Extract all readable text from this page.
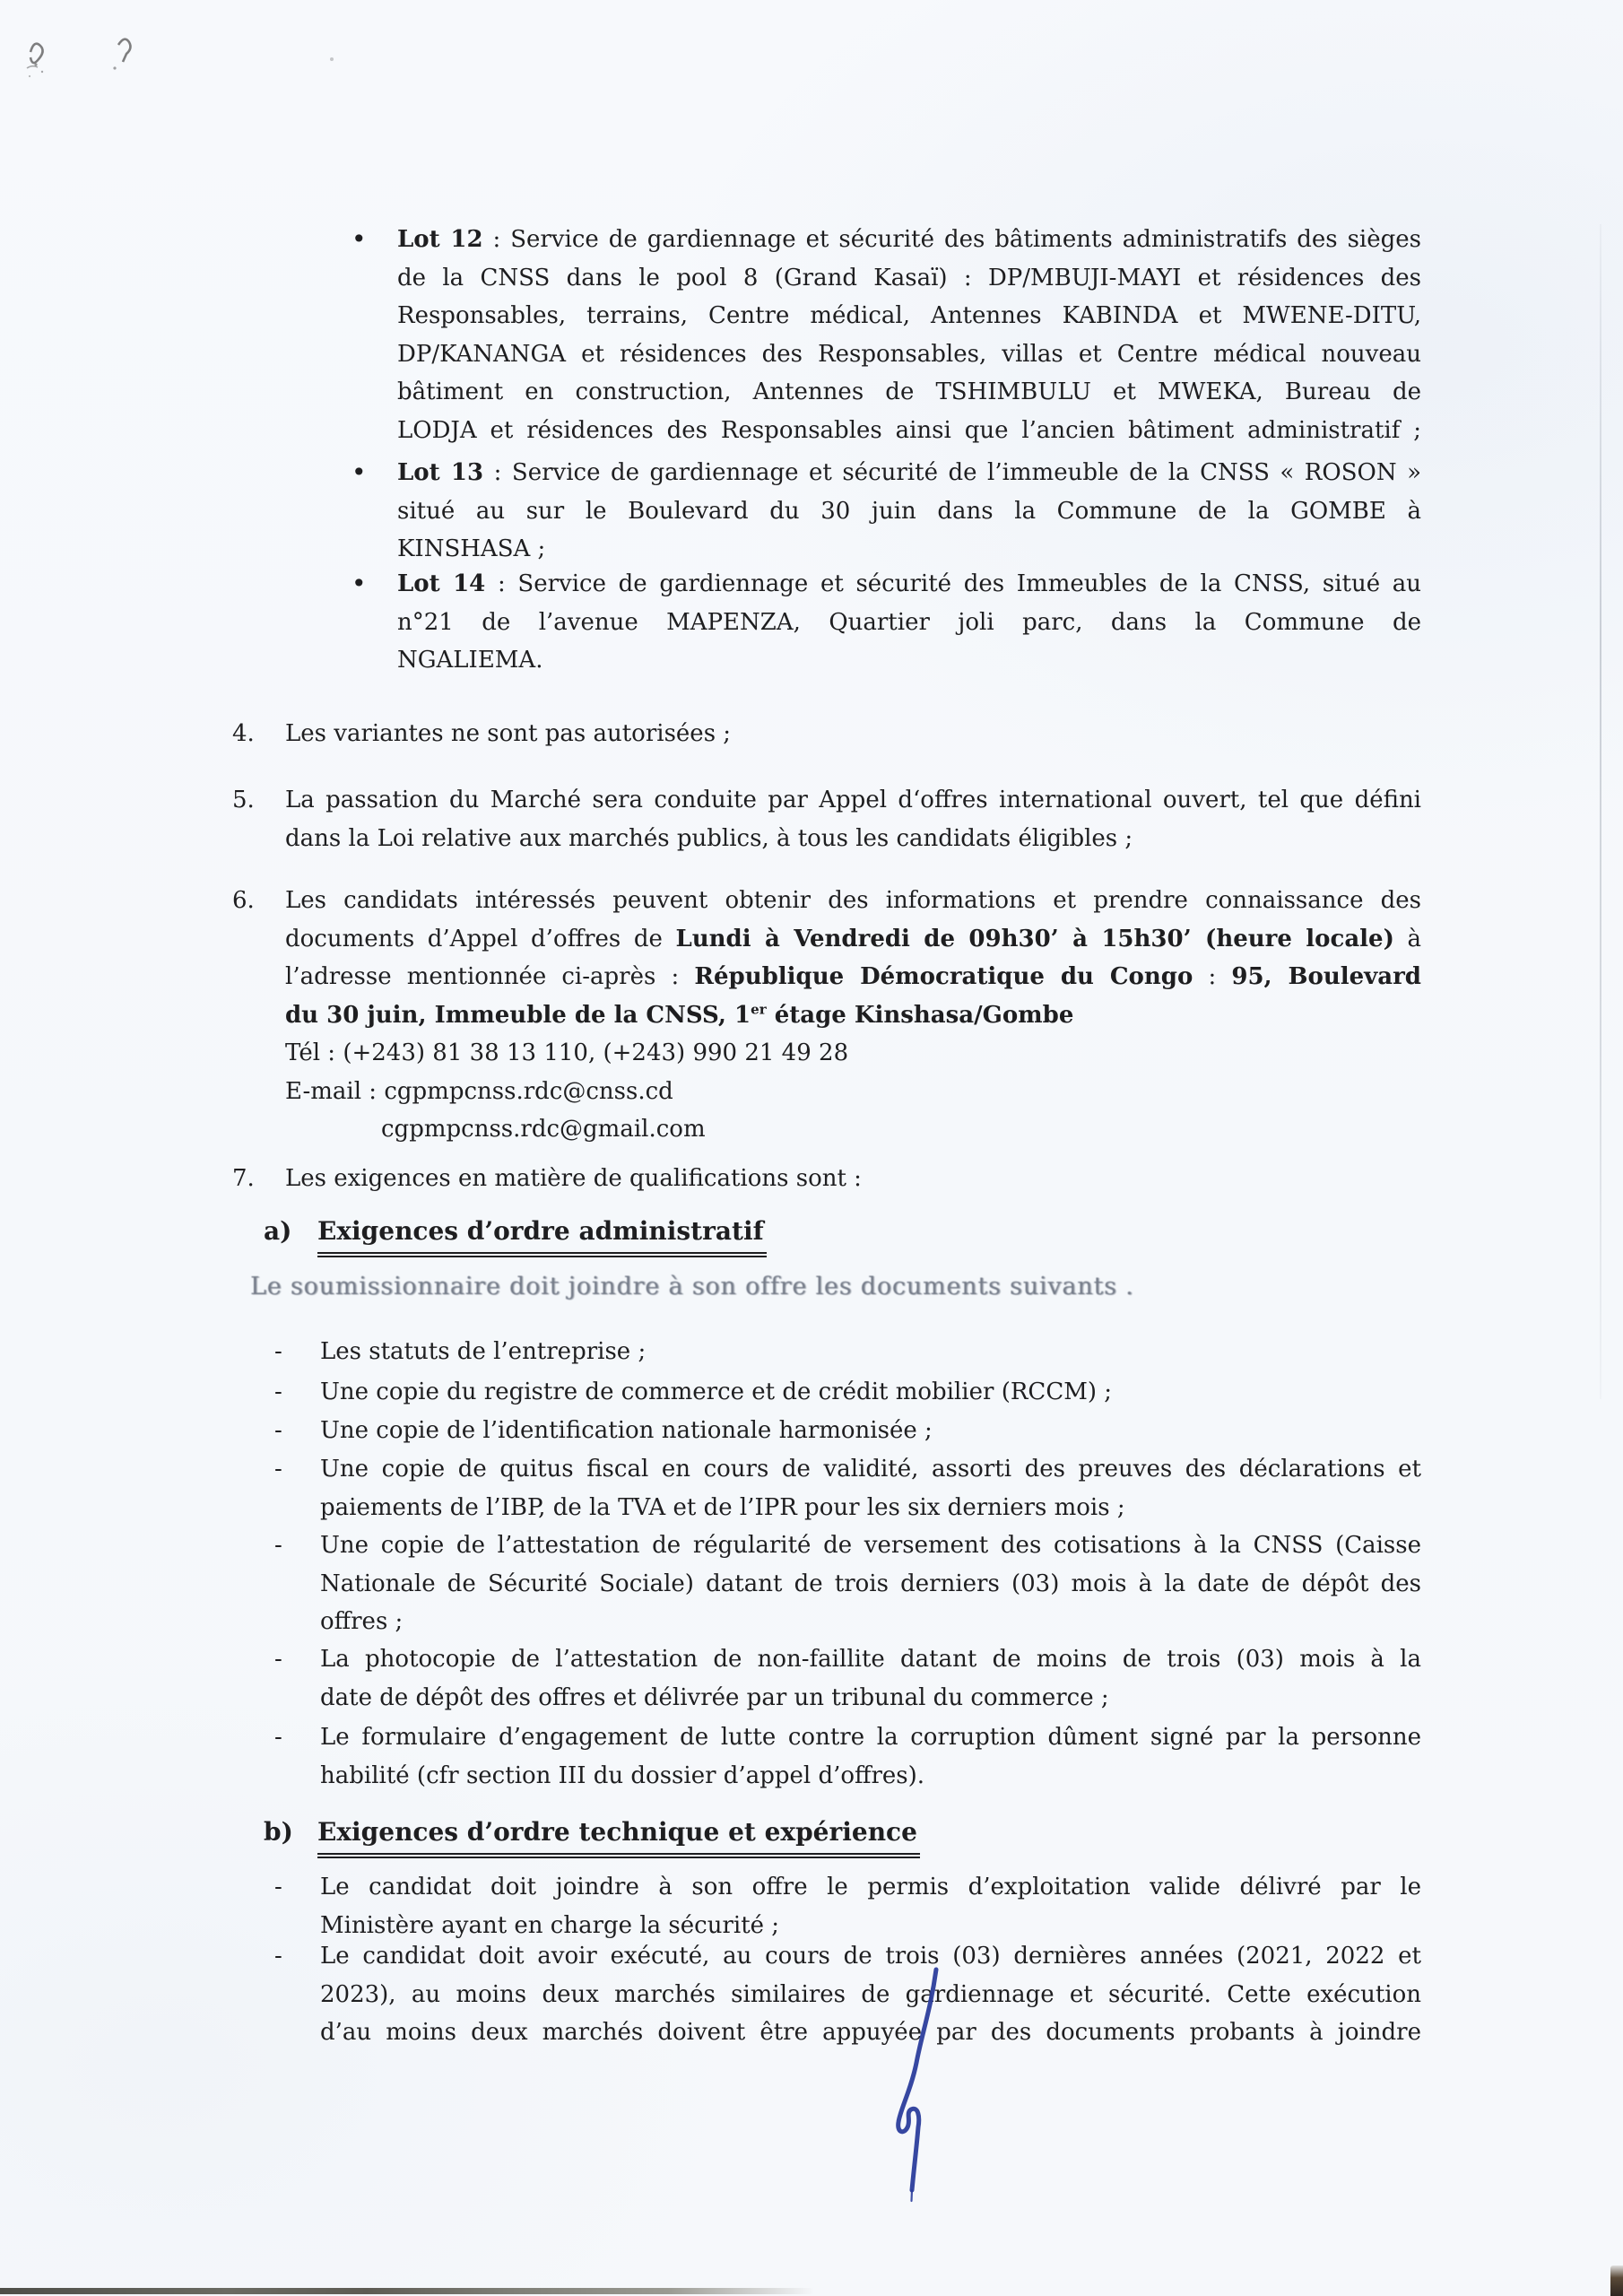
• Lot 12 : Service de gardiennage et sécurité des bâtiments administratifs des sièges
de la CNSS dans le pool 8 (Grand Kasaï) : DP/MBUJI-MAYI et résidences des
Responsables, terrains, Centre médical, Antennes KABINDA et MWENE-DITU,
DP/KANANGA et résidences des Responsables, villas et Centre médical nouveau
bâtiment en construction, Antennes de TSHIMBULU et MWEKA, Bureau de
LODJA et résidences des Responsables ainsi que l’ancien bâtiment administratif ;
• Lot 13 : Service de gardiennage et sécurité de l’immeuble de la CNSS « ROSON »
situé au sur le Boulevard du 30 juin dans la Commune de la GOMBE à
KINSHASA ;
• Lot 14 : Service de gardiennage et sécurité des Immeubles de la CNSS, situé au
n°21 de l’avenue MAPENZA, Quartier joli parc, dans la Commune de
NGALIEMA.
4. Les variantes ne sont pas autorisées ;
5. La passation du Marché sera conduite par Appel d‘offres international ouvert, tel que défini
dans la Loi relative aux marchés publics, à tous les candidats éligibles ;
6. Les candidats intéressés peuvent obtenir des informations et prendre connaissance des
documents d’Appel d’offres de Lundi à Vendredi de 09h30’ à 15h30’ (heure locale) à
l’adresse mentionnée ci-après : République Démocratique du Congo : 95, Boulevard
du 30 juin, Immeuble de la CNSS, 1er étage Kinshasa/Gombe
Tél : (+243) 81 38 13 110, (+243) 990 21 49 28
E-mail : cgpmpcnss.rdc@cnss.cd
cgpmpcnss.rdc@gmail.com
7. Les exigences en matière de qualifications sont :
a) Exigences d’ordre administratif
Le soumissionnaire doit joindre à son offre les documents suivants .
- Les statuts de l’entreprise ;
- Une copie du registre de commerce et de crédit mobilier (RCCM) ;
- Une copie de l’identification nationale harmonisée ;
- Une copie de quitus fiscal en cours de validité, assorti des preuves des déclarations et
paiements de l’IBP, de la TVA et de l’IPR pour les six derniers mois ;
- Une copie de l’attestation de régularité de versement des cotisations à la CNSS (Caisse
Nationale de Sécurité Sociale) datant de trois derniers (03) mois à la date de dépôt des
offres ;
- La photocopie de l’attestation de non-faillite datant de moins de trois (03) mois à la
date de dépôt des offres et délivrée par un tribunal du commerce ;
- Le formulaire d’engagement de lutte contre la corruption dûment signé par la personne
habilité (cfr section III du dossier d’appel d’offres).
b) Exigences d’ordre technique et expérience
- Le candidat doit joindre à son offre le permis d’exploitation valide délivré par le
Ministère ayant en charge la sécurité ;
- Le candidat doit avoir exécuté, au cours de trois (03) dernières années (2021, 2022 et
2023), au moins deux marchés similaires de gardiennage et sécurité. Cette exécution
d’au moins deux marchés doivent être appuyée par des documents probants à joindre
